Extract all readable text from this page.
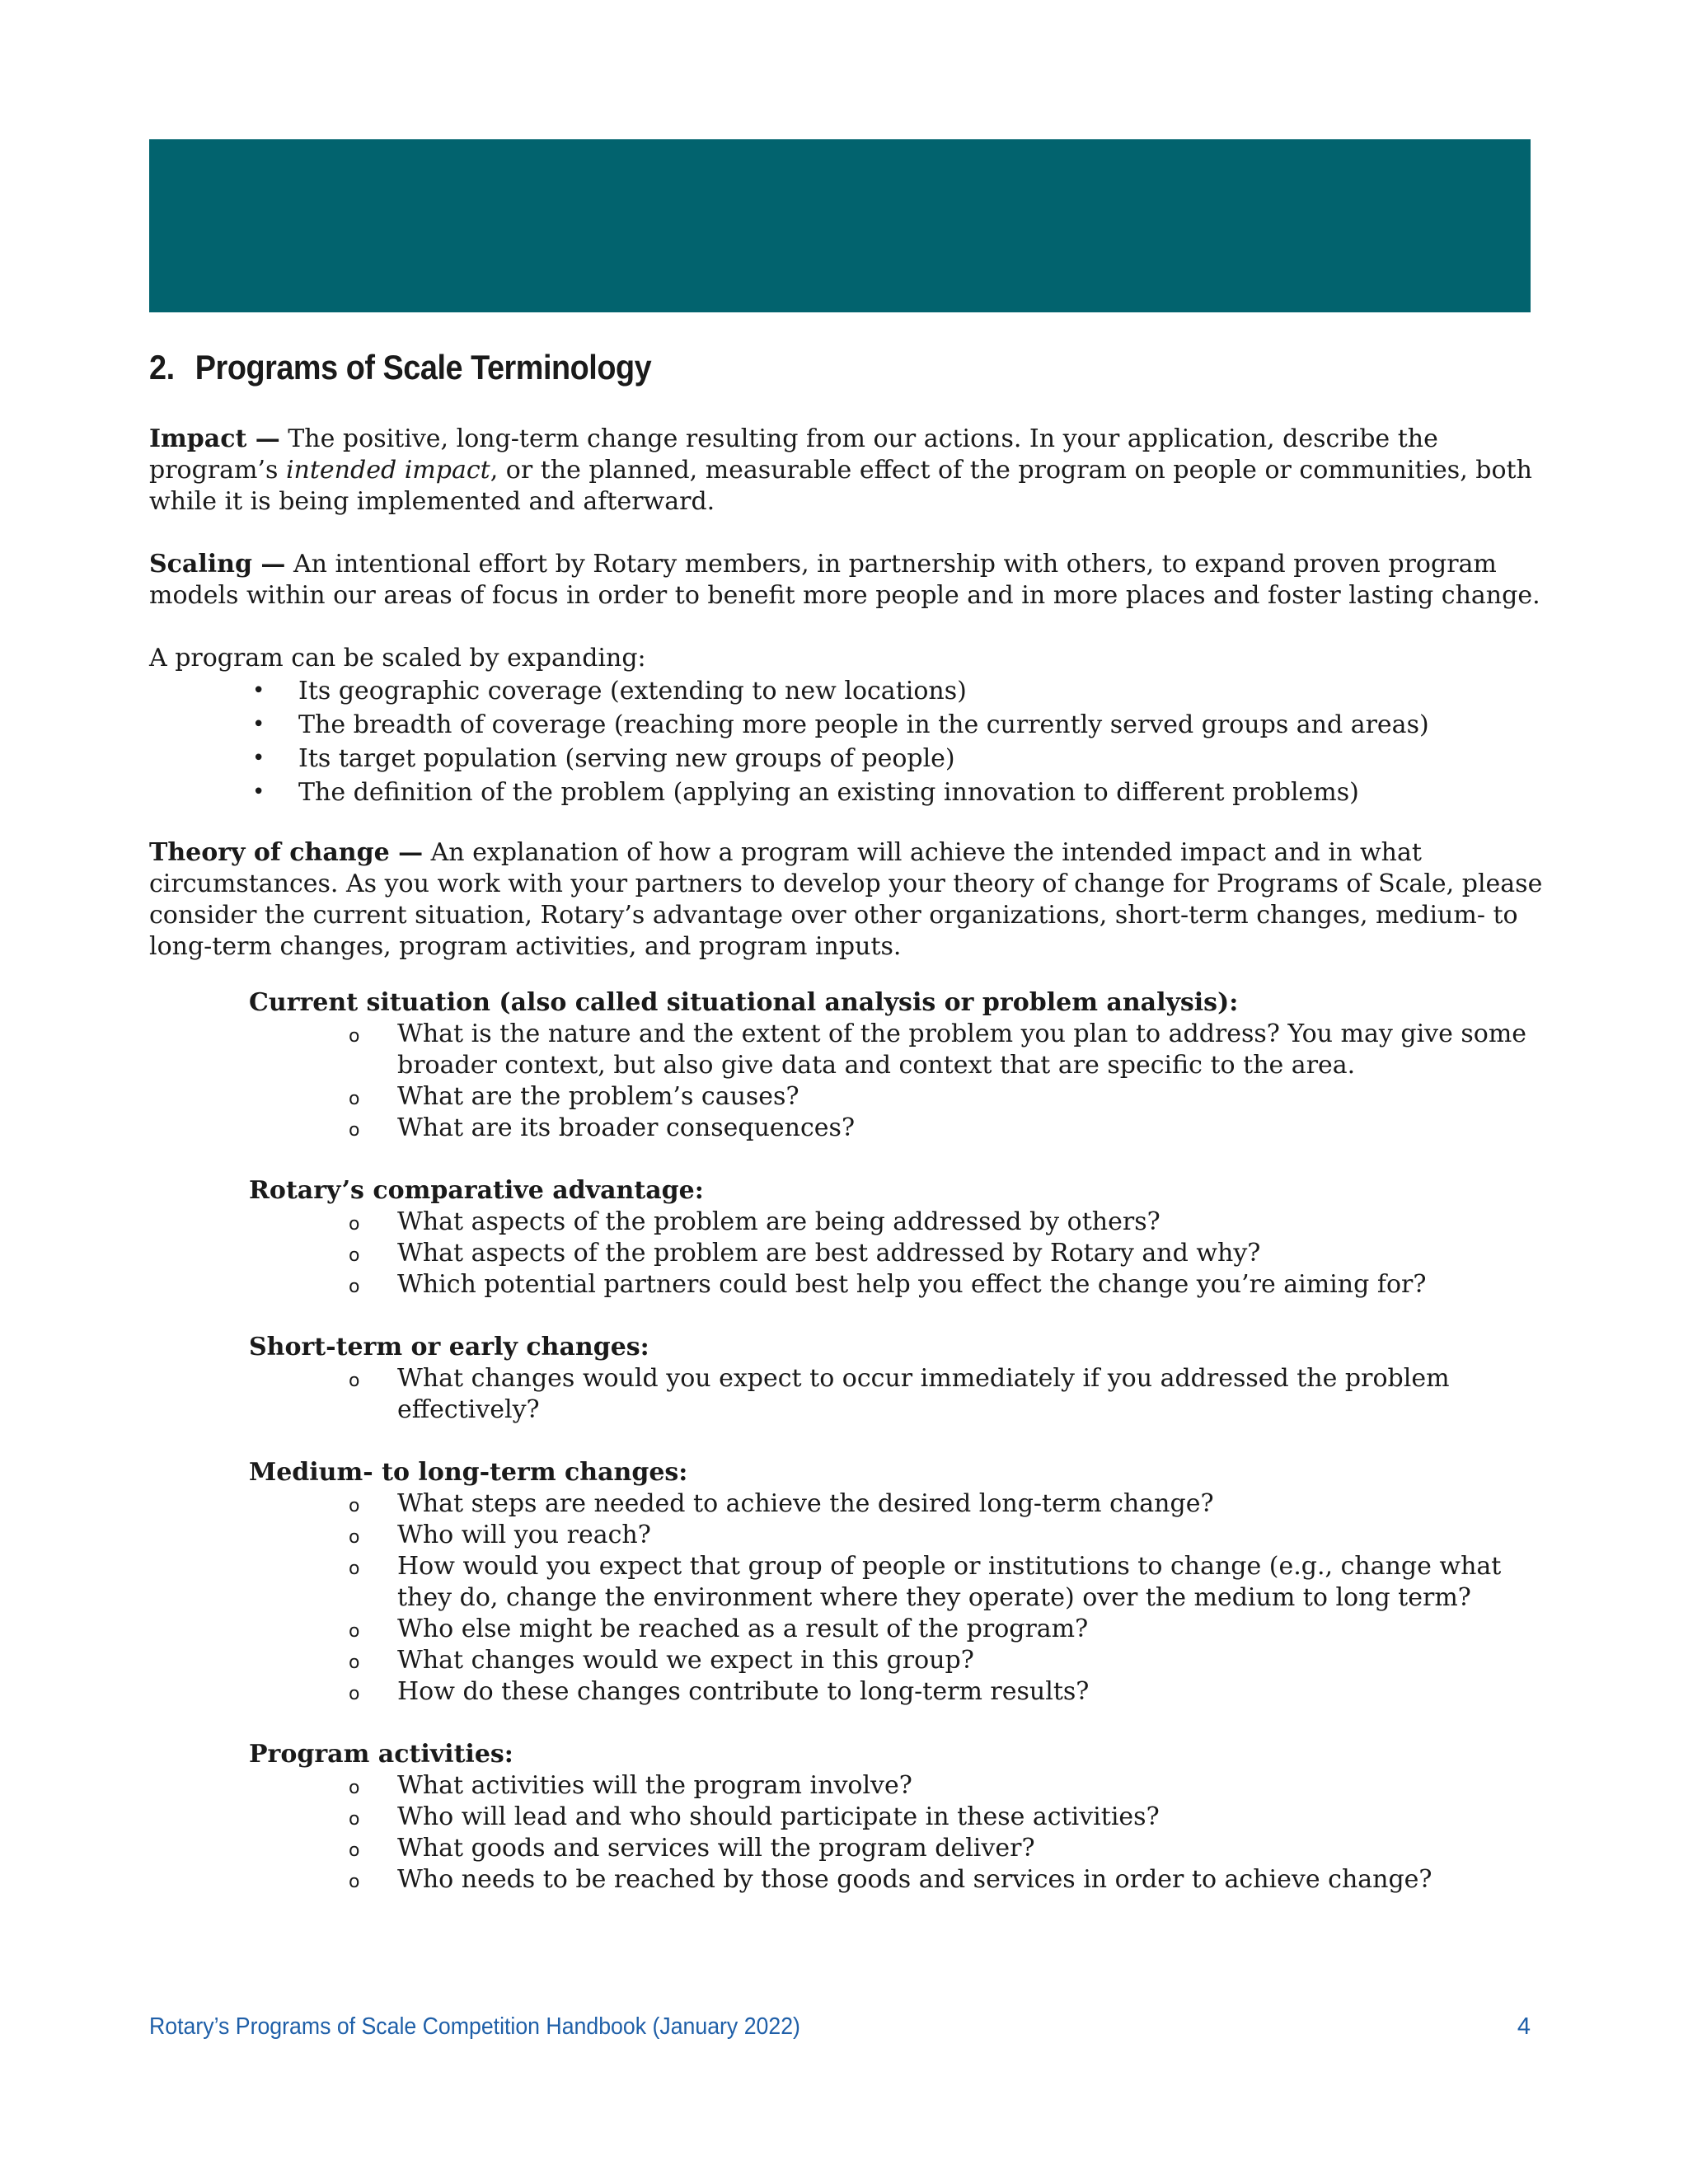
2. Programs of Scale Terminology

Impact — The positive, long-term change resulting from our actions. In your application, describe the program’s intended impact, or the planned, measurable effect of the program on people or communities, both while it is being implemented and afterward.

Scaling — An intentional effort by Rotary members, in partnership with others, to expand proven program models within our areas of focus in order to benefit more people and in more places and foster lasting change.

A program can be scaled by expanding:

• Its geographic coverage (extending to new locations)
• The breadth of coverage (reaching more people in the currently served groups and areas)
• Its target population (serving new groups of people)
• The definition of the problem (applying an existing innovation to different problems)

Theory of change — An explanation of how a program will achieve the intended impact and in what circumstances. As you work with your partners to develop your theory of change for Programs of Scale, please consider the current situation, Rotary’s advantage over other organizations, short-term changes, medium- to long-term changes, program activities, and program inputs.

Current situation (also called situational analysis or problem analysis):

o What is the nature and the extent of the problem you plan to address? You may give some broader context, but also give data and context that are specific to the area.
o What are the problem’s causes?
o What are its broader consequences?

Rotary’s comparative advantage:

o What aspects of the problem are being addressed by others?
o What aspects of the problem are best addressed by Rotary and why?
o Which potential partners could best help you effect the change you’re aiming for?

Short-term or early changes:

o What changes would you expect to occur immediately if you addressed the problem effectively?

Medium- to long-term changes:

o What steps are needed to achieve the desired long-term change?
o Who will you reach?
o How would you expect that group of people or institutions to change (e.g., change what they do, change the environment where they operate) over the medium to long term?
o Who else might be reached as a result of the program?
o What changes would we expect in this group?
o How do these changes contribute to long-term results?

Program activities:

o What activities will the program involve?
o Who will lead and who should participate in these activities?
o What goods and services will the program deliver?
o Who needs to be reached by those goods and services in order to achieve change?
Rotary’s Programs of Scale Competition Handbook (January 2022)	4
